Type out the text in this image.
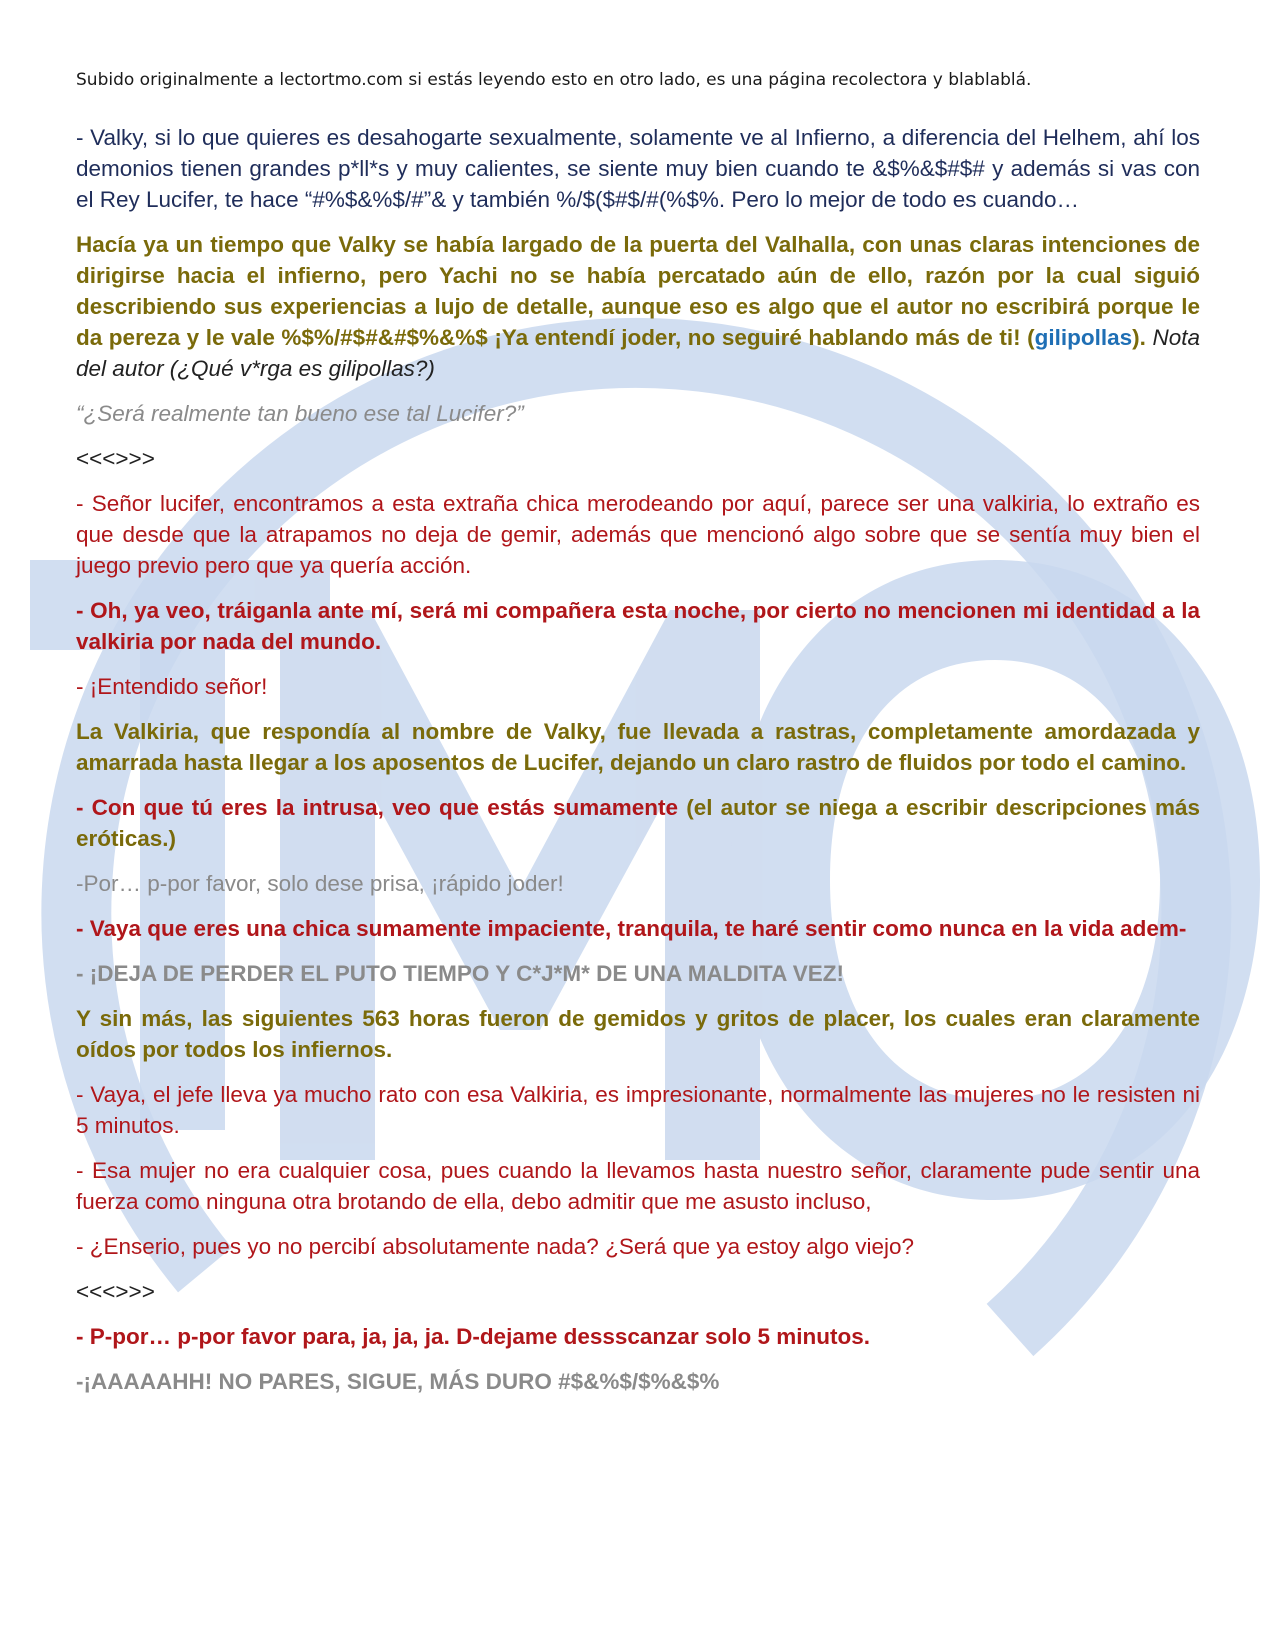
Subido originalmente a lectortmo.com si estás leyendo esto en otro lado, es una página recolectora y blablablá.

- Valky, si lo que quieres es desahogarte sexualmente, solamente ve al Infierno, a diferencia del Helhem, ahí los demonios tienen grandes p*ll*s y muy calientes, se siente muy bien cuando te &$%&$#$# y además si vas con el Rey Lucifer, te hace “#%$&%$/#”& y también %/$($#$/#(%$%. Pero lo mejor de todo es cuando…

Hacía ya un tiempo que Valky se había largado de la puerta del Valhalla, con unas claras intenciones de dirigirse hacia el infierno, pero Yachi no se había percatado aún de ello, razón por la cual siguió describiendo sus experiencias a lujo de detalle, aunque eso es algo que el autor no escribirá porque le da pereza y le vale %$%/#$#&#$%&%$ ¡Ya entendí joder, no seguiré hablando más de ti! (gilipollas). Nota del autor (¿Qué v*rga es gilipollas?)

“¿Será realmente tan bueno ese tal Lucifer?”

<<<>>>

- Señor lucifer, encontramos a esta extraña chica merodeando por aquí, parece ser una valkiria, lo extraño es que desde que la atrapamos no deja de gemir, además que mencionó algo sobre que se sentía muy bien el juego previo pero que ya quería acción.

- Oh, ya veo, tráiganla ante mí, será mi compañera esta noche, por cierto no mencionen mi identidad a la valkiria por nada del mundo.

- ¡Entendido señor!

La Valkiria, que respondía al nombre de Valky, fue llevada a rastras, completamente amordazada y amarrada hasta llegar a los aposentos de Lucifer, dejando un claro rastro de fluidos por todo el camino.

- Con que tú eres la intrusa, veo que estás sumamente (el autor se niega a escribir descripciones más eróticas.)

-Por… p-por favor, solo dese prisa, ¡rápido joder!

- Vaya que eres una chica sumamente impaciente, tranquila, te haré sentir como nunca en la vida adem-

- ¡DEJA DE PERDER EL PUTO TIEMPO Y C*J*M* DE UNA MALDITA VEZ!

Y sin más, las siguientes 563 horas fueron de gemidos y gritos de placer, los cuales eran claramente oídos por todos los infiernos.

- Vaya, el jefe lleva ya mucho rato con esa Valkiria, es impresionante, normalmente las mujeres no le resisten ni 5 minutos.

- Esa mujer no era cualquier cosa, pues cuando la llevamos hasta nuestro señor, claramente pude sentir una fuerza como ninguna otra brotando de ella, debo admitir que me asusto incluso,

- ¿Enserio, pues yo no percibí absolutamente nada? ¿Será que ya estoy algo viejo?

<<<>>>

- P-por… p-por favor para, ja, ja, ja. D-dejame dessscanzar solo 5 minutos.

-¡AAAAAHH! NO PARES, SIGUE, MÁS DURO #$&%$/$%&$%
